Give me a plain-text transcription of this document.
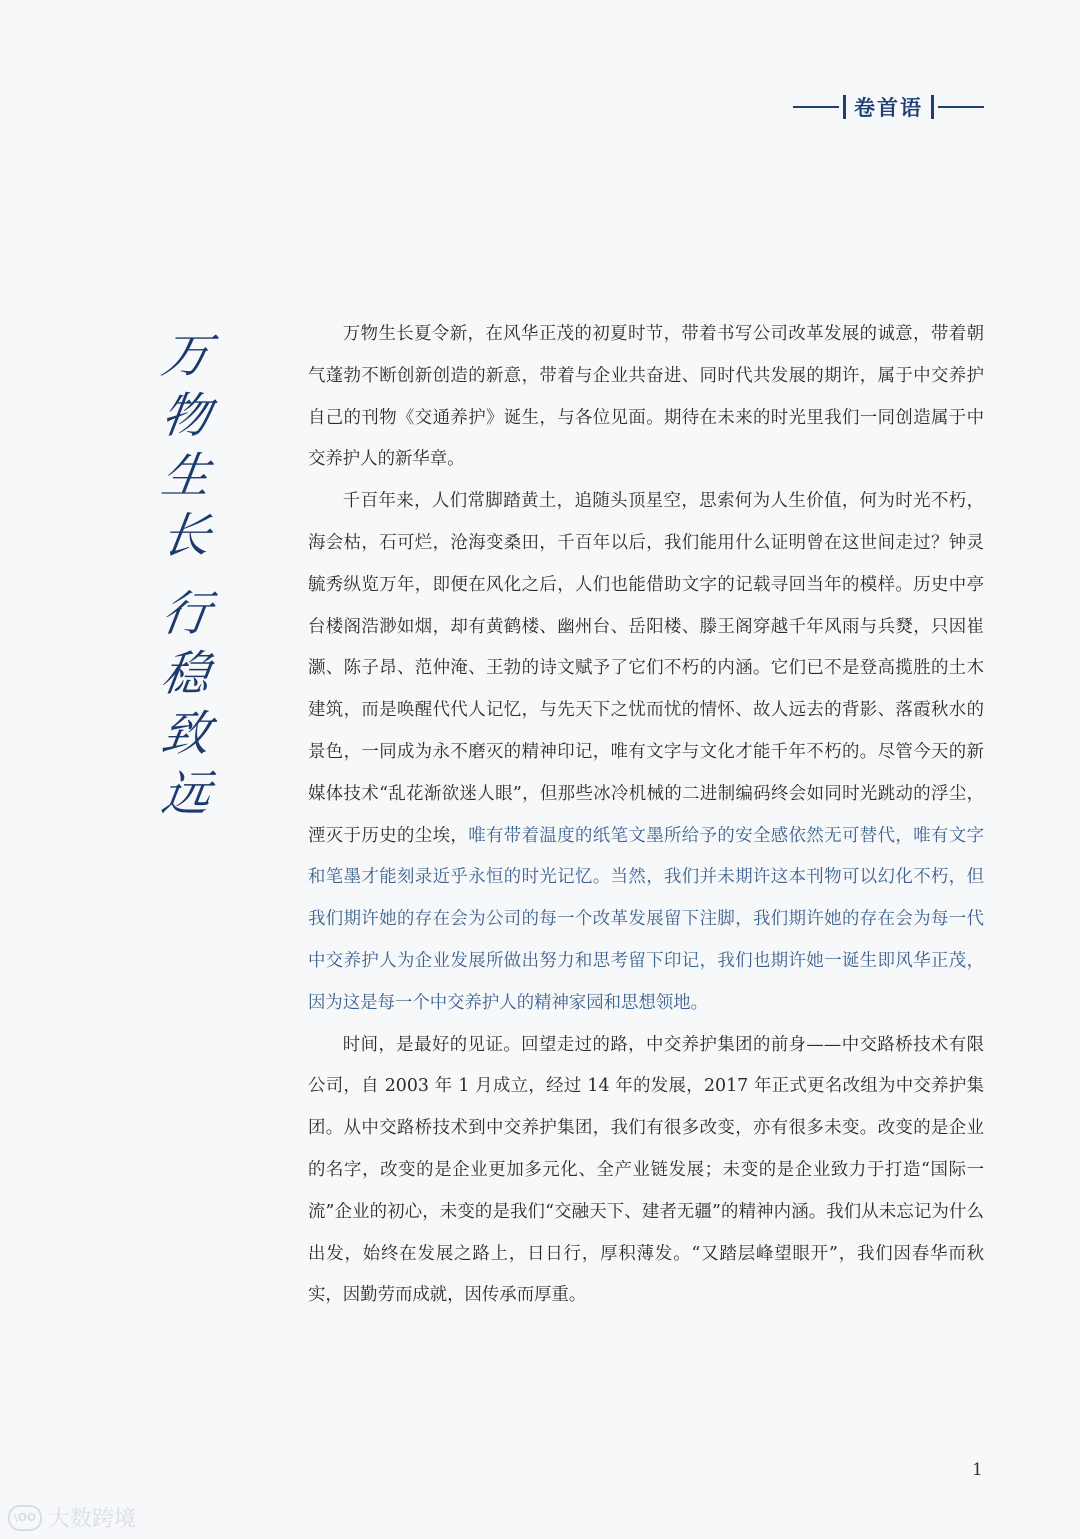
卷首语
万
物
生
长
行
稳
致
远

万物生长夏令新，在风华正茂的初夏时节，带着书写公司改革发展的诚意，带着朝气蓬勃不断创新创造的新意，带着与企业共奋进、同时代共发展的期许，属于中交养护自己的刊物《交通养护》诞生，与各位见面。期待在未来的时光里我们一同创造属于中交养护人的新华章。

千百年来，人们常脚踏黄土，追随头顶星空，思索何为人生价值，何为时光不朽，海会枯，石可烂，沧海变桑田，千百年以后，我们能用什么证明曾在这世间走过？钟灵毓秀纵览万年，即便在风化之后，人们也能借助文字的记载寻回当年的模样。历史中亭台楼阁浩渺如烟，却有黄鹤楼、幽州台、岳阳楼、滕王阁穿越千年风雨与兵燹，只因崔灏、陈子昂、范仲淹、王勃的诗文赋予了它们不朽的内涵。它们已不是登高揽胜的土木建筑，而是唤醒代代人记忆，与先天下之忧而忧的情怀、故人远去的背影、落霞秋水的景色，一同成为永不磨灭的精神印记，唯有文字与文化才能千年不朽的。尽管今天的新媒体技术“乱花渐欲迷人眼”，但那些冰冷机械的二进制编码终会如同时光跳动的浮尘，湮灭于历史的尘埃，唯有带着温度的纸笔文墨所给予的安全感依然无可替代，唯有文字和笔墨才能刻录近乎永恒的时光记忆。当然，我们并未期许这本刊物可以幻化不朽，但我们期许她的存在会为公司的每一个改革发展留下注脚，我们期许她的存在会为每一代中交养护人为企业发展所做出努力和思考留下印记，我们也期许她一诞生即风华正茂，因为这是每一个中交养护人的精神家园和思想领地。

时间，是最好的见证。回望走过的路，中交养护集团的前身——中交路桥技术有限公司，自 2003 年 1 月成立，经过 14 年的发展，2017 年正式更名改组为中交养护集团。从中交路桥技术到中交养护集团，我们有很多改变，亦有很多未变。改变的是企业的名字，改变的是企业更加多元化、全产业链发展；未变的是企业致力于打造“国际一流”企业的初心，未变的是我们“交融天下、建者无疆”的精神内涵。我们从未忘记为什么出发，始终在发展之路上，日日行，厚积薄发。“又踏层峰望眼开”，我们因春华而秋实，因勤劳而成就，因传承而厚重。

1
\OO 大数跨境
